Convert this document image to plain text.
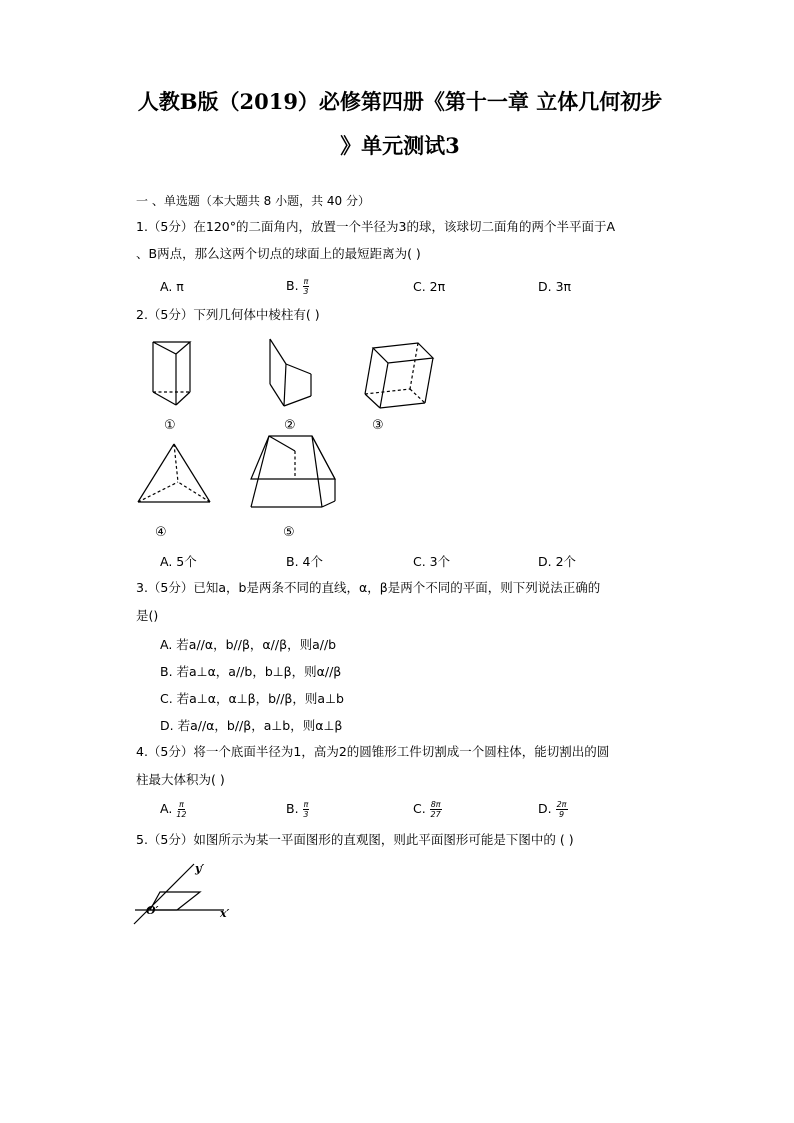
人教B版（2019）必修第四册《第十一章 立体几何初步
》单元测试3
一 、单选题（本大题共 8 小题，共 40 分）
1.（5分）在120°的二面角内，放置一个半径为3的球，该球切二面角的两个半平面于A
、B两点，那么这两个切点的球面上的最短距离为( )
A. π	B. $\frac{\pi}{3}$	C. 2π	D. 3π
2.（5分）下列几何体中棱柱有( )
①	②	③
④	⑤
A. 5个	B. 4个	C. 3个	D. 2个
3.（5分）已知a，b是两条不同的直线，α，β是两个不同的平面，则下列说法正确的
是()
A. 若a//α，b//β，α//β，则a//b
B. 若a⊥α，a//b，b⊥β，则α//β
C. 若a⊥α，α⊥β，b//β，则a⊥b
D. 若a//α，b//β，a⊥b，则α⊥β
4.（5分）将一个底面半径为1，高为2的圆锥形工件切割成一个圆柱体，能切割出的圆
柱最大体积为( )
A. $\frac{\pi}{12}$	B. $\frac{\pi}{3}$	C. $\frac{8\pi}{27}$	D. $\frac{2\pi}{9}$
5.（5分）如图所示为某一平面图形的直观图，则此平面图形可能是下图中的 ( )
y′
x′
O′
